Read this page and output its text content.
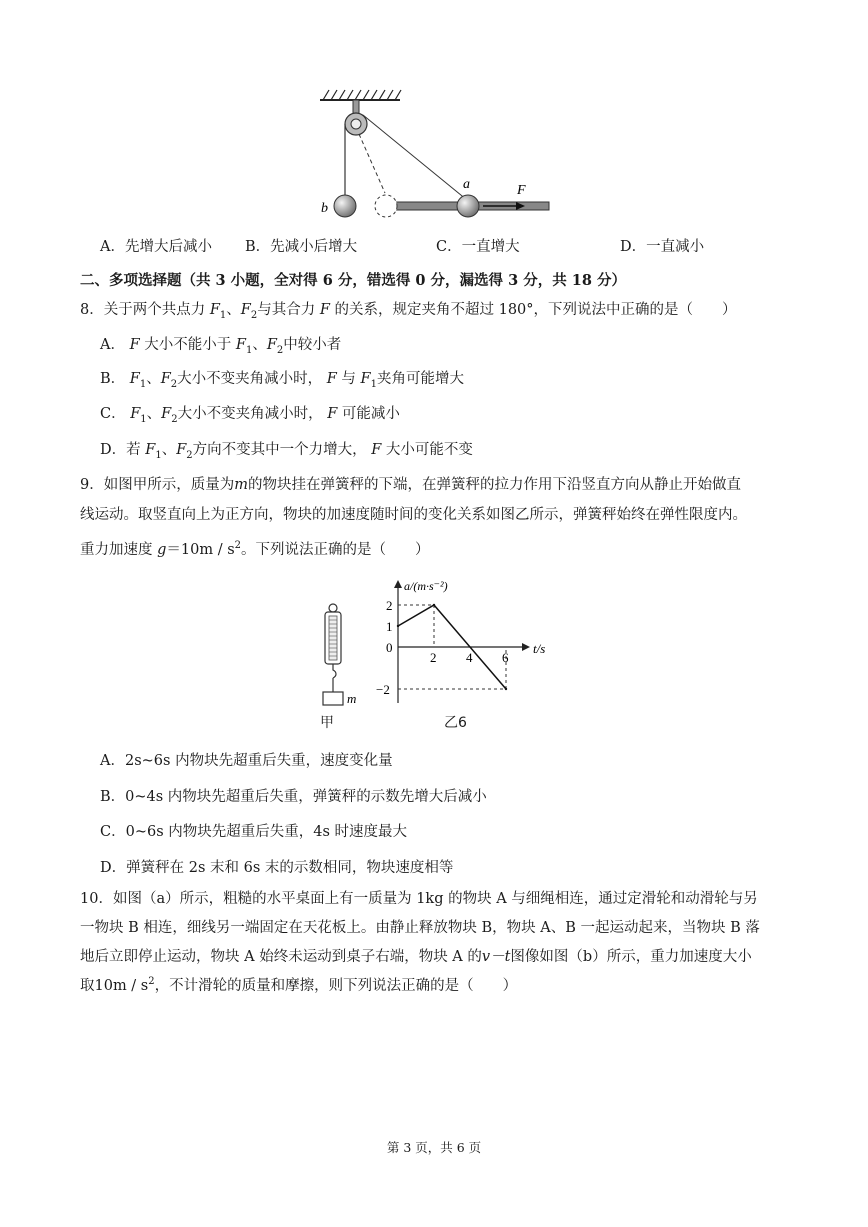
b
a	F
A．先增大后减小 B．先减小后增大	C．一直增大	D．一直减小
二、多项选择题（共 3 小题，全对得 6 分，错选得 0 分，漏选得 3 分，共 18 分）
8．关于两个共点力 $F_1$、$F_2$与其合力 F 的关系，规定夹角不超过 180°，下列说法中正确的是（　　）
A． F 大小不能小于 $F_1$、$F_2$中较小者
B． $F_1$、$F_2$大小不变夹角减小时， F 与 $F_1$夹角可能增大
C． $F_1$、$F_2$大小不变夹角减小时， F 可能减小
D．若 $F_1$、$F_2$方向不变其中一个力增大， F 大小可能不变
9．如图甲所示，质量为m的物块挂在弹簧秤的下端，在弹簧秤的拉力作用下沿竖直方向从静止开始做直
线运动。取竖直向上为正方向，物块的加速度随时间的变化关系如图乙所示，弹簧秤始终在弹性限度内。
重力加速度 $g=10m / s^2$。下列说法正确的是（　　）
m
甲
a/(m·s⁻²)
t/s
2 4 6
2
1
0
−2
乙6
A．2s~6s 内物块先超重后失重，速度变化量
B．0~4s 内物块先超重后失重，弹簧秤的示数先增大后减小
C．0~6s 内物块先超重后失重，4s 时速度最大
D．弹簧秤在 2s 末和 6s 末的示数相同，物块速度相等
10．如图（a）所示，粗糙的水平桌面上有一质量为 1kg 的物块 A 与细绳相连，通过定滑轮和动滑轮与另
一物块 B 相连，细线另一端固定在天花板上。由静止释放物块 B，物块 A、B 一起运动起来，当物块 B 落
地后立即停止运动，物块 A 始终未运动到桌子右端，物块 A 的v－t图像如图（b）所示，重力加速度大小
取$10m / s^2$，不计滑轮的质量和摩擦，则下列说法正确的是（　　）
第 3 页，共 6 页
